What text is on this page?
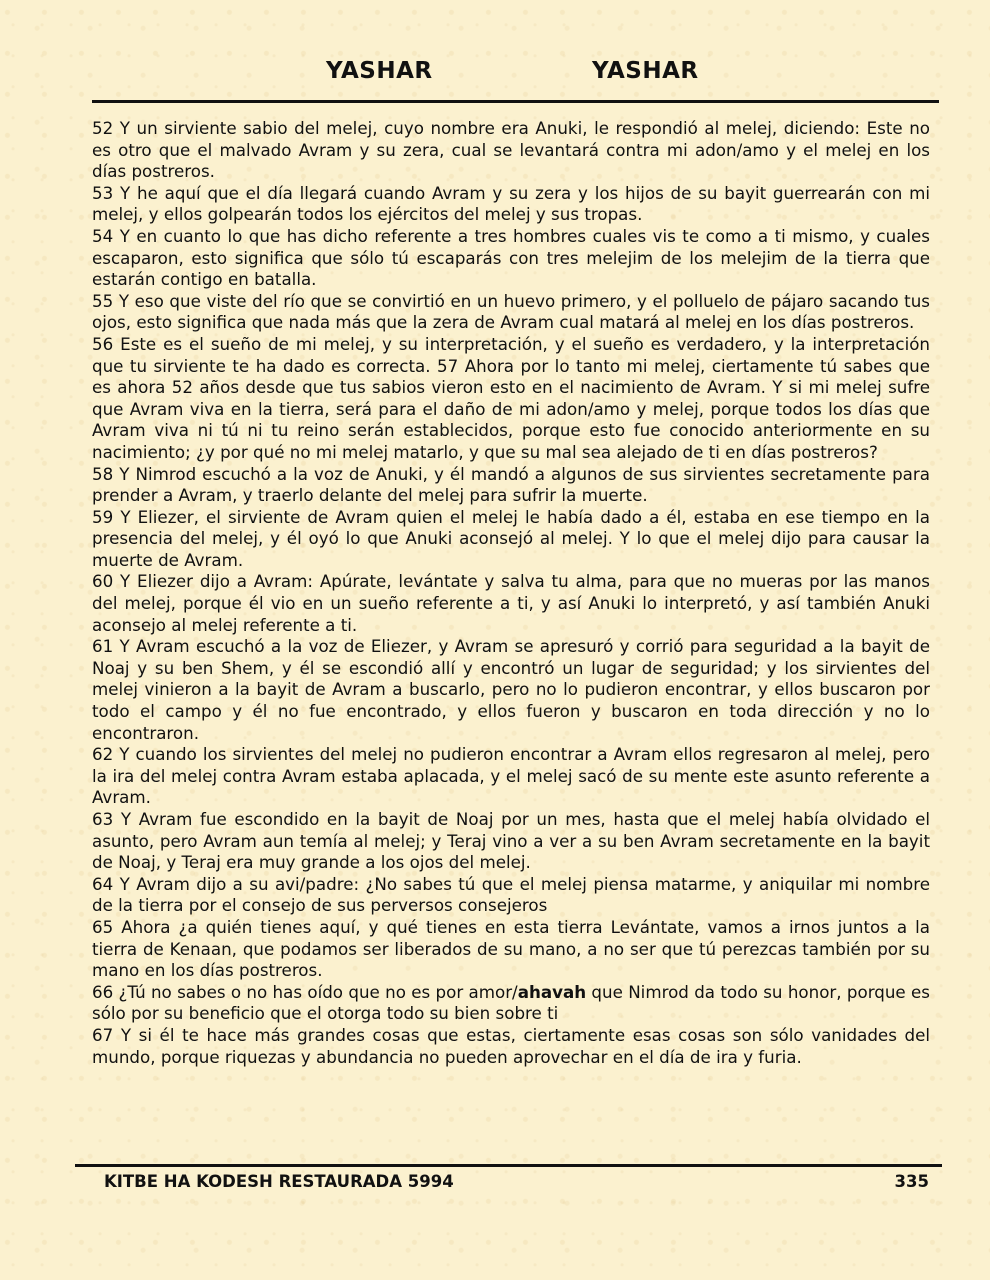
YASHAR	YASHAR

52 Y un sirviente sabio del melej, cuyo nombre era Anuki, le respondió al melej, diciendo: Este no es otro que el malvado Avram y su zera, cual se levantará contra mi adon/amo y el melej en los días postreros.

53 Y he aquí que el día llegará cuando Avram y su zera y los hijos de su bayit guerrearán con mi melej, y ellos golpearán todos los ejércitos del melej y sus tropas.

54 Y en cuanto lo que has dicho referente a tres hombres cuales vis te como a ti mismo, y cuales escaparon, esto significa que sólo tú escaparás con tres melejim de los melejim de la tierra que estarán contigo en batalla.

55 Y eso que viste del río que se convirtió en un huevo primero, y el polluelo de pájaro sacando tus ojos, esto significa que nada más que la zera de Avram cual matará al melej en los días postreros.

56 Este es el sueño de mi melej, y su interpretación, y el sueño es verdadero, y la interpretación que tu sirviente te ha dado es correcta. 57 Ahora por lo tanto mi melej, ciertamente tú sabes que es ahora 52 años desde que tus sabios vieron esto en el nacimiento de Avram. Y si mi melej sufre que Avram viva en la tierra, será para el daño de mi adon/amo y melej, porque todos los días que Avram viva ni tú ni tu reino serán establecidos, porque esto fue conocido anteriormente en su nacimiento; ¿y por qué no mi melej matarlo, y que su mal sea alejado de ti en días postreros?

58 Y Nimrod escuchó a la voz de Anuki, y él mandó a algunos de sus sirvientes secretamente para prender a Avram, y traerlo delante del melej para sufrir la muerte.

59 Y Eliezer, el sirviente de Avram quien el melej le había dado a él, estaba en ese tiempo en la presencia del melej, y él oyó lo que Anuki aconsejó al melej. Y lo que el melej dijo para causar la muerte de Avram.

60 Y Eliezer dijo a Avram: Apúrate, levántate y salva tu alma, para que no mueras por las manos del melej, porque él vio en un sueño referente a ti, y así Anuki lo interpretó, y así también Anuki aconsejo al melej referente a ti.

61 Y Avram escuchó a la voz de Eliezer, y Avram se apresuró y corrió para seguridad a la bayit de Noaj y su ben Shem, y él se escondió allí y encontró un lugar de seguridad; y los sirvientes del melej vinieron a la bayit de Avram a buscarlo, pero no lo pudieron encontrar, y ellos buscaron por todo el campo y él no fue encontrado, y ellos fueron y buscaron en toda dirección y no lo encontraron.

62 Y cuando los sirvientes del melej no pudieron encontrar a Avram ellos regresaron al melej, pero la ira del melej contra Avram estaba aplacada, y el melej sacó de su mente este asunto referente a Avram.

63 Y Avram fue escondido en la bayit de Noaj por un mes, hasta que el melej había olvidado el asunto, pero Avram aun temía al melej; y Teraj vino a ver a su ben Avram secretamente en la bayit de Noaj, y Teraj era muy grande a los ojos del melej.

64 Y Avram dijo a su avi/padre: ¿No sabes tú que el melej piensa matarme, y aniquilar mi nombre de la tierra por el consejo de sus perversos consejeros

65 Ahora ¿a quién tienes aquí, y qué tienes en esta tierra Levántate, vamos a irnos juntos a la tierra de Kenaan, que podamos ser liberados de su mano, a no ser que tú perezcas también por su mano en los días postreros.

66 ¿Tú no sabes o no has oído que no es por amor/ahavah que Nimrod da todo su honor, porque es sólo por su beneficio que el otorga todo su bien sobre ti

67 Y si él te hace más grandes cosas que estas, ciertamente esas cosas son sólo vanidades del mundo, porque riquezas y abundancia no pueden aprovechar en el día de ira y furia.

KITBE HA KODESH RESTAURADA 5994	335
